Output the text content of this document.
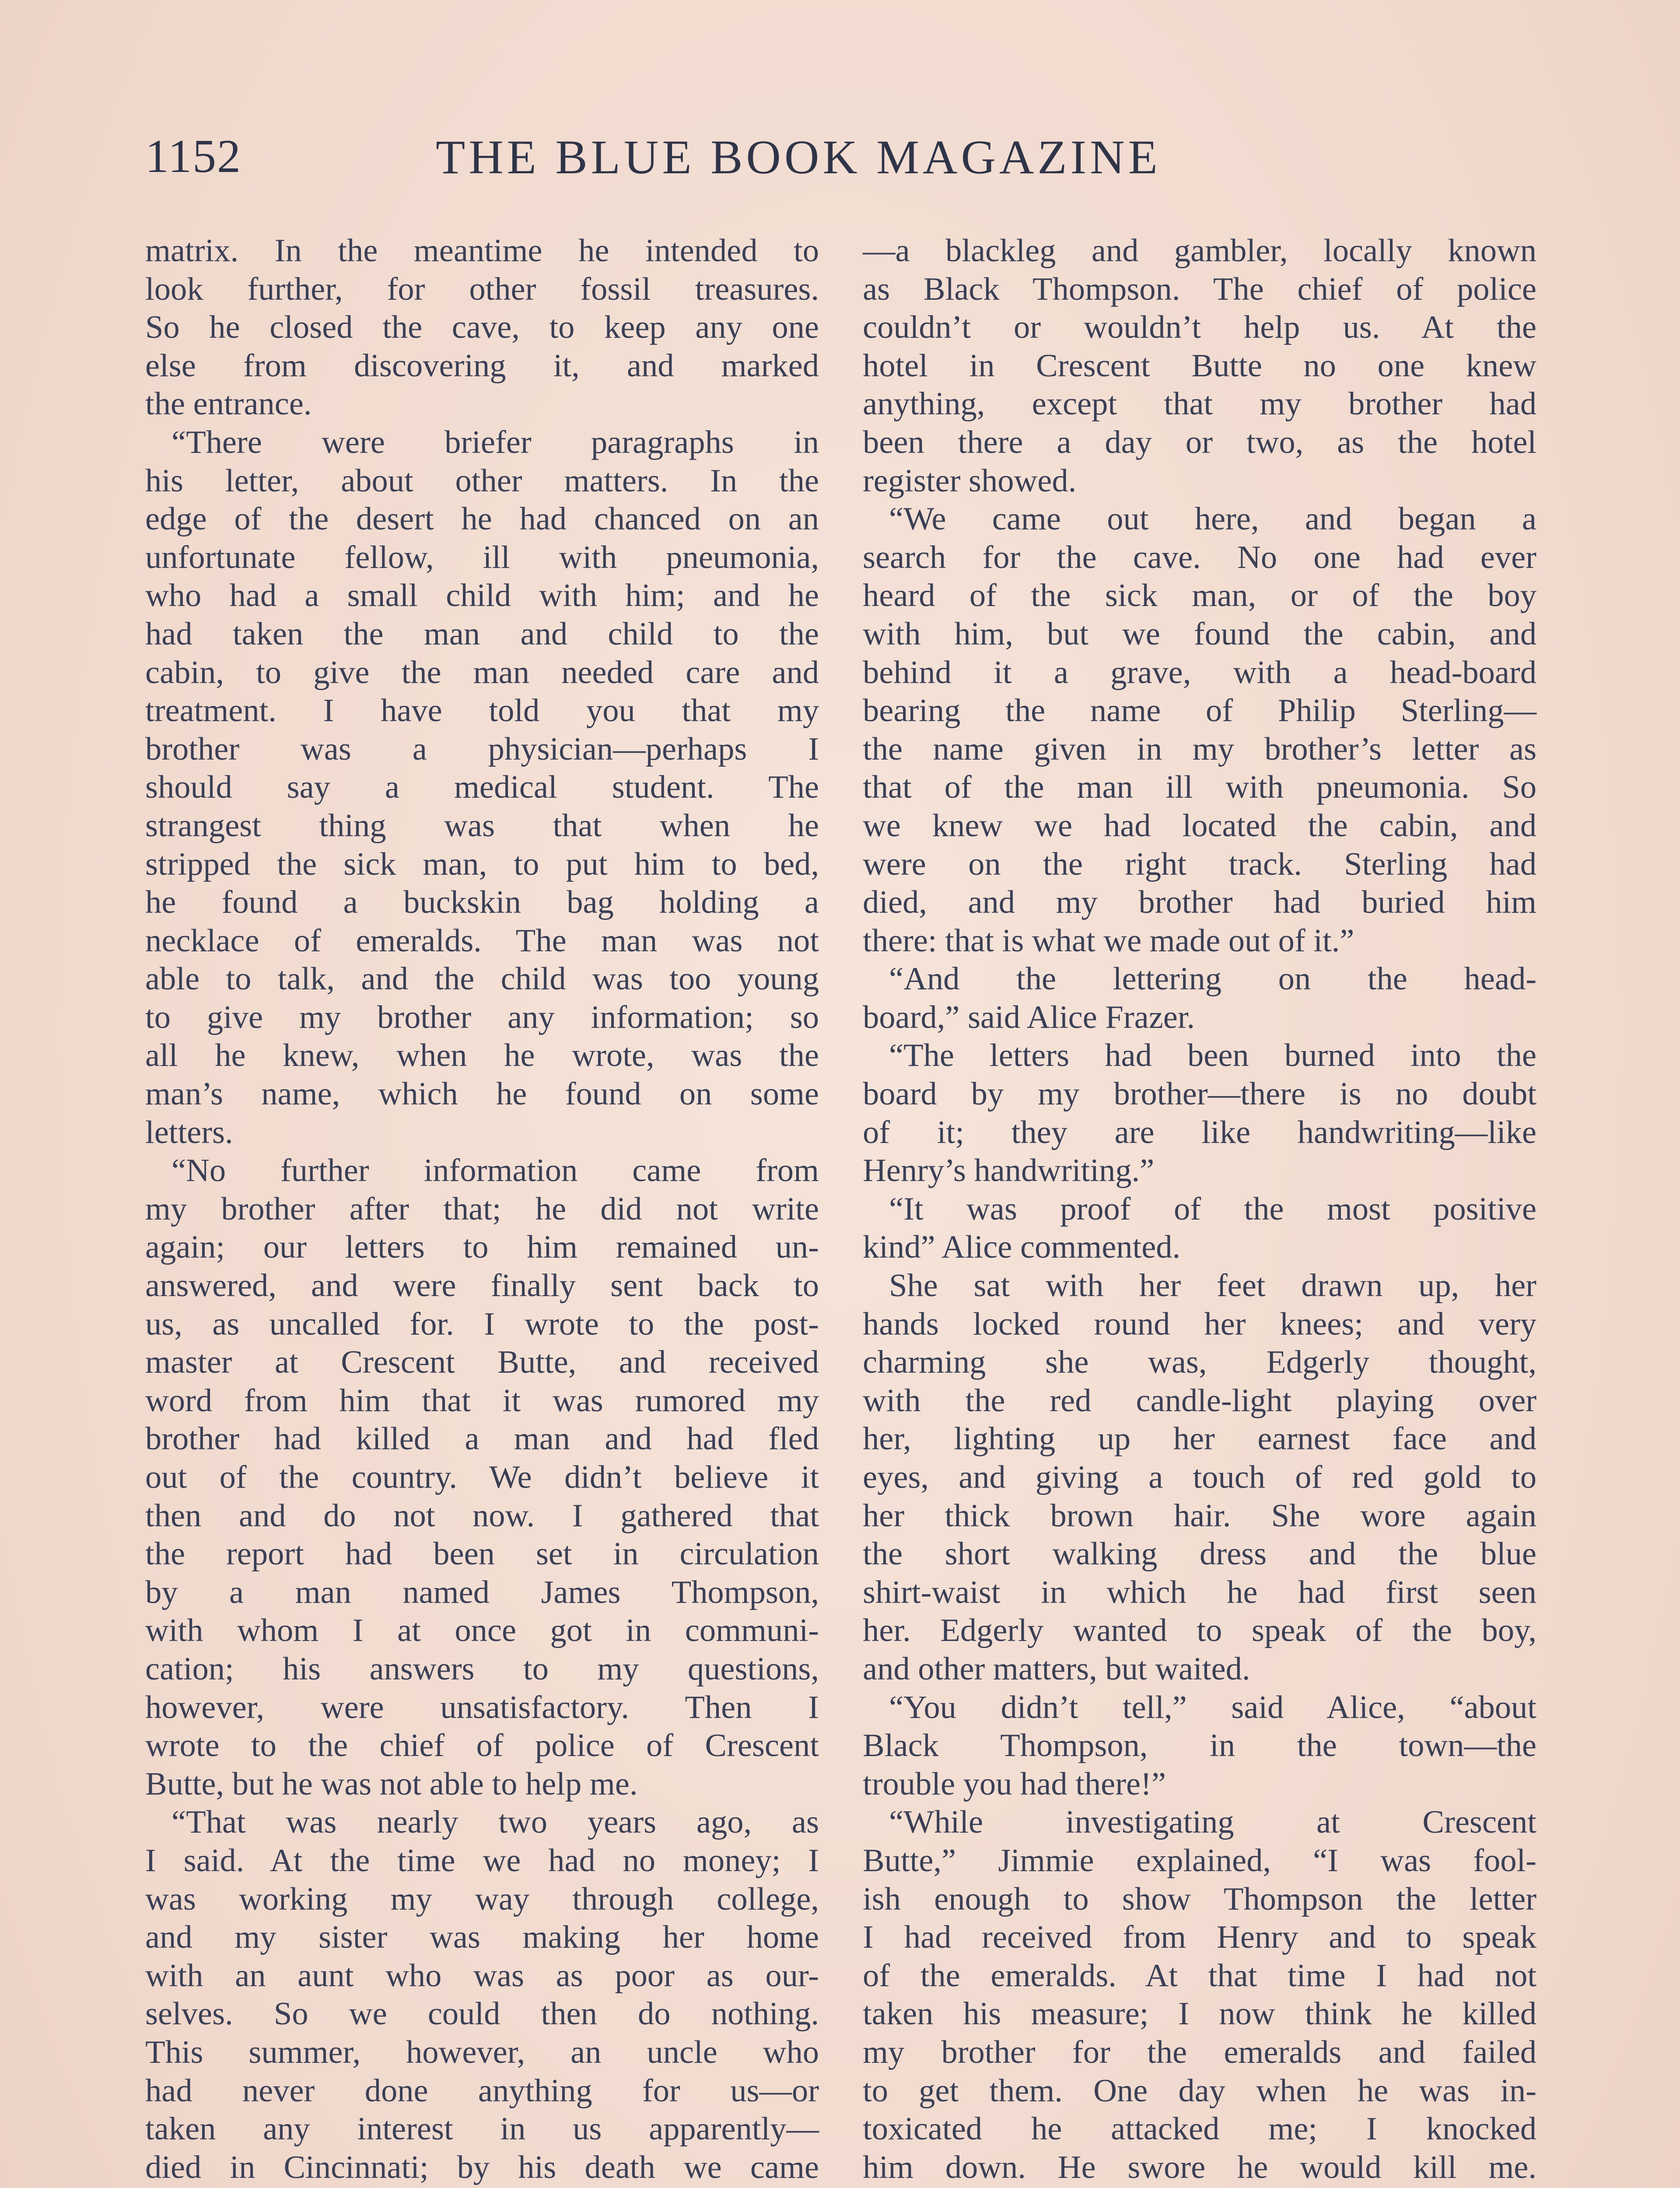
1152	THE BLUE BOOK MAGAZINE
matrix. In the meantime he intended to
look further, for other fossil treasures.
So he closed the cave, to keep any one
else from discovering it, and marked
the entrance.
“There were briefer paragraphs in
his letter, about other matters. In the
edge of the desert he had chanced on an
unfortunate fellow, ill with pneumonia,
who had a small child with him; and he
had taken the man and child to the
cabin, to give the man needed care and
treatment. I have told you that my
brother was a physician—perhaps I
should say a medical student. The
strangest thing was that when he
stripped the sick man, to put him to bed,
he found a buckskin bag holding a
necklace of emeralds. The man was not
able to talk, and the child was too young
to give my brother any information; so
all he knew, when he wrote, was the
man’s name, which he found on some
letters.
“No further information came from
my brother after that; he did not write
again; our letters to him remained un-
answered, and were finally sent back to
us, as uncalled for. I wrote to the post-
master at Crescent Butte, and received
word from him that it was rumored my
brother had killed a man and had fled
out of the country. We didn’t believe it
then and do not now. I gathered that
the report had been set in circulation
by a man named James Thompson,
with whom I at once got in communi-
cation; his answers to my questions,
however, were unsatisfactory. Then I
wrote to the chief of police of Crescent
Butte, but he was not able to help me.
“That was nearly two years ago, as
I said. At the time we had no money; I
was working my way through college,
and my sister was making her home
with an aunt who was as poor as our-
selves. So we could then do nothing.
This summer, however, an uncle who
had never done anything for us—or
taken any interest in us apparently—
died in Cincinnati; by his death we came
—a blackleg and gambler, locally known
as Black Thompson. The chief of police
couldn’t or wouldn’t help us. At the
hotel in Crescent Butte no one knew
anything, except that my brother had
been there a day or two, as the hotel
register showed.
“We came out here, and began a
search for the cave. No one had ever
heard of the sick man, or of the boy
with him, but we found the cabin, and
behind it a grave, with a head-board
bearing the name of Philip Sterling—
the name given in my brother’s letter as
that of the man ill with pneumonia. So
we knew we had located the cabin, and
were on the right track. Sterling had
died, and my brother had buried him
there: that is what we made out of it.”
“And the lettering on the head-
board,” said Alice Frazer.
“The letters had been burned into the
board by my brother—there is no doubt
of it; they are like handwriting—like
Henry’s handwriting.”
“It was proof of the most positive
kind” Alice commented.
She sat with her feet drawn up, her
hands locked round her knees; and very
charming she was, Edgerly thought,
with the red candle-light playing over
her, lighting up her earnest face and
eyes, and giving a touch of red gold to
her thick brown hair. She wore again
the short walking dress and the blue
shirt-waist in which he had first seen
her. Edgerly wanted to speak of the boy,
and other matters, but waited.
“You didn’t tell,” said Alice, “about
Black Thompson, in the town—the
trouble you had there!”
“While investigating at Crescent
Butte,” Jimmie explained, “I was fool-
ish enough to show Thompson the letter
I had received from Henry and to speak
of the emeralds. At that time I had not
taken his measure; I now think he killed
my brother for the emeralds and failed
to get them. One day when he was in-
toxicated he attacked me; I knocked
him down. He swore he would kill me.
